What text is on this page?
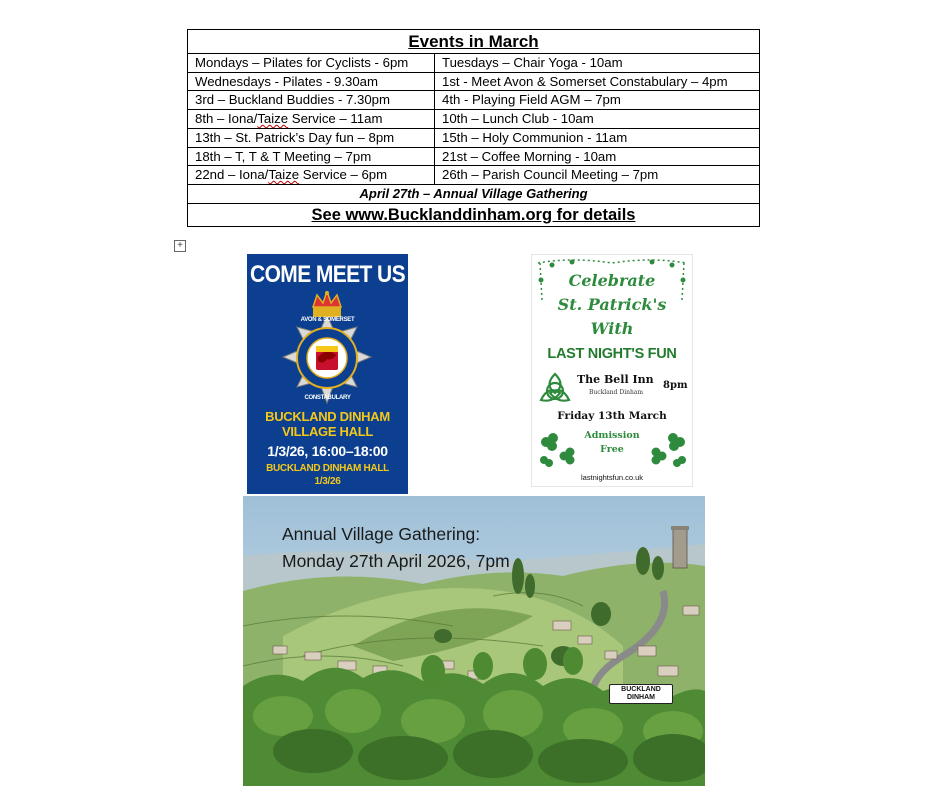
Events in March	
Mondays – Pilates for Cyclists - 6pm	Tuesdays – Chair Yoga - 10am
Wednesdays - Pilates - 9.30am	1st - Meet Avon & Somerset Constabulary – 4pm
3rd – Buckland Buddies - 7.30pm	4th - Playing Field AGM – 7pm
8th – Iona/Taize Service – 11am	10th – Lunch Club - 10am
13th – St. Patrick’s Day fun – 8pm	15th – Holy Communion - 11am
18th – T, T & T Meeting – 7pm	21st – Coffee Morning - 10am
22nd – Iona/Taize Service – 6pm	26th – Parish Council Meeting – 7pm
April 27th – Annual Village Gathering	
See www.Bucklanddinham.org for details	
+
COME MEET US
AVON & SOMERSET
CONSTABULARY
BUCKLAND DINHAM
VILLAGE HALL
1/3/26, 16:00–18:00
BUCKLAND DINHAM HALL
1/3/26
Celebrate
St. Patrick's
With
LAST NIGHT'S FUN
The Bell Inn
Buckland Dinham
8pm
Friday 13th March
Admission
Free
lastnightsfun.co.uk
Annual Village Gathering:
Monday 27th April 2026, 7pm
BUCKLAND
DINHAM
